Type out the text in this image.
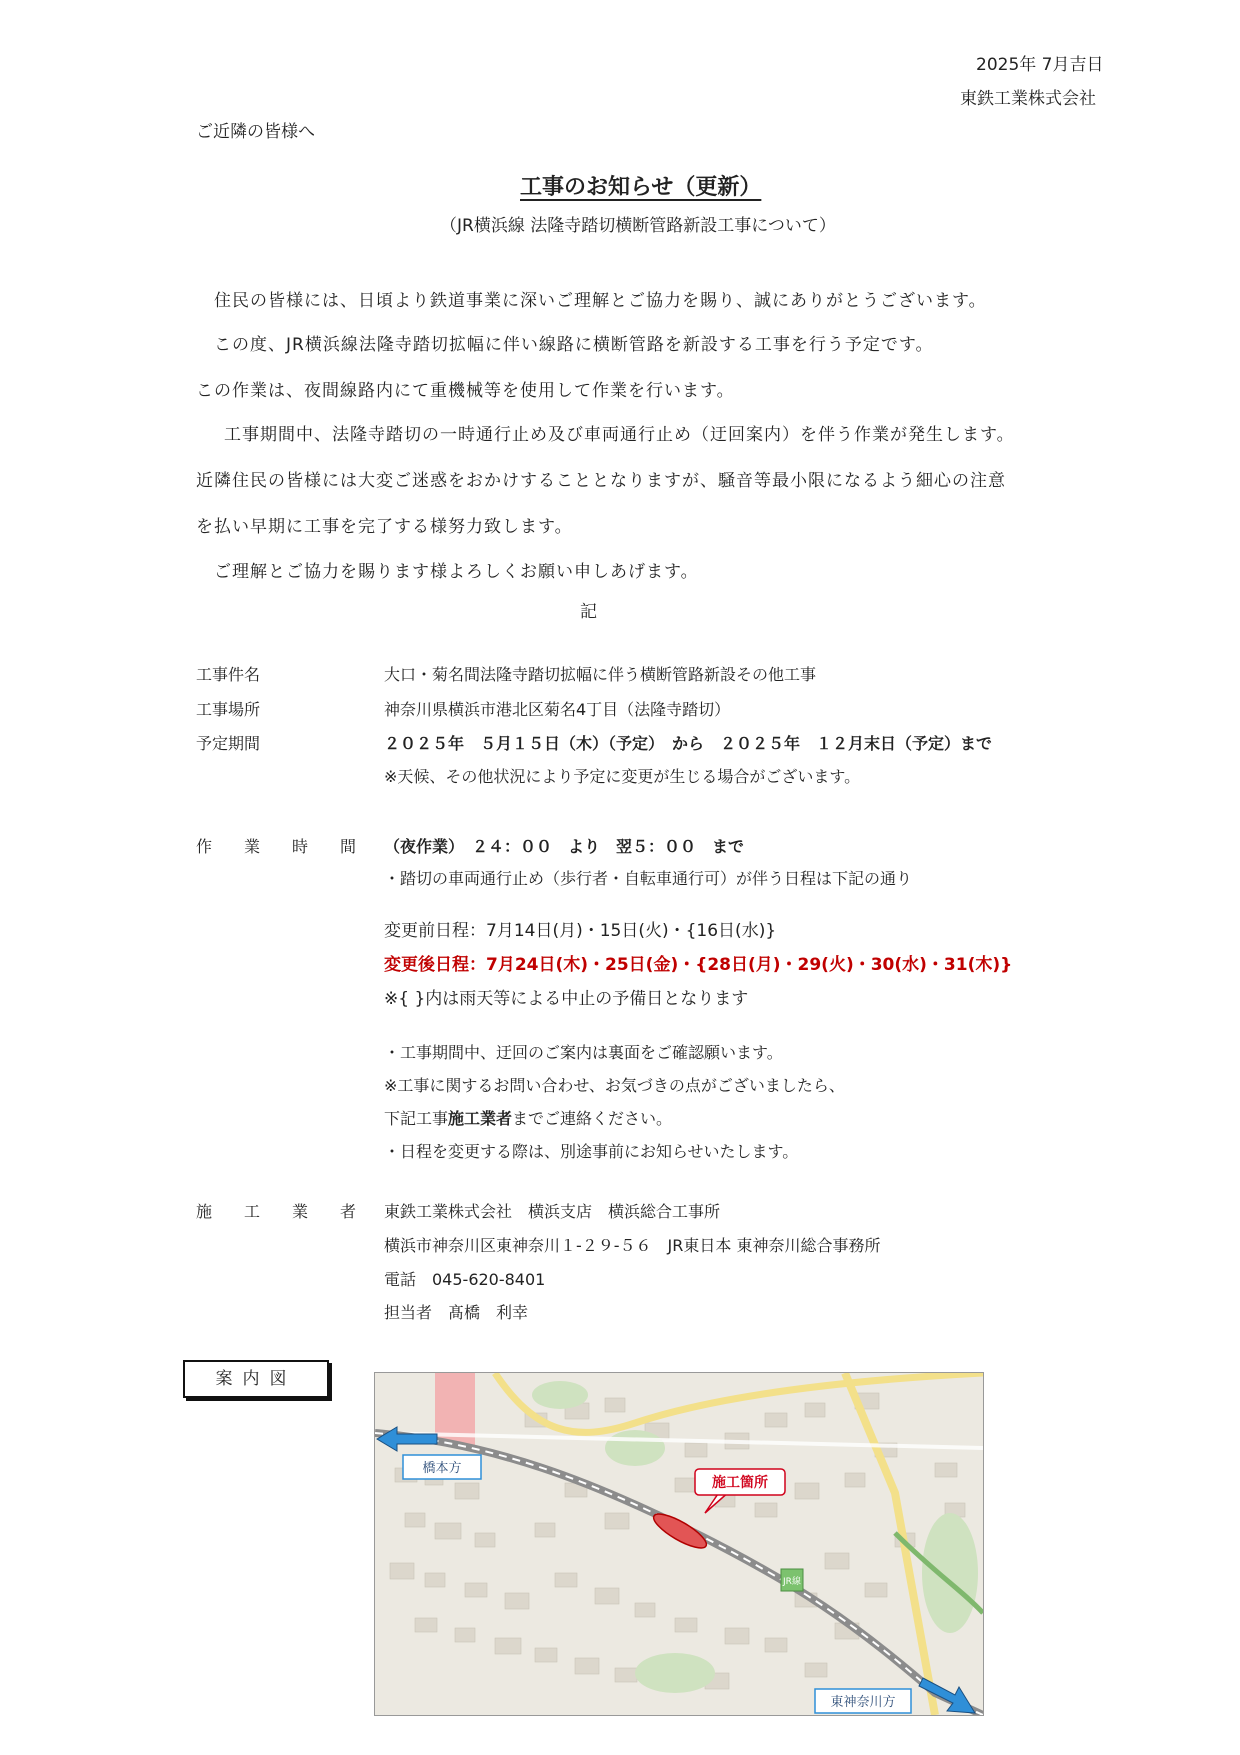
2025年 7月吉日
東鉄工業株式会社
ご近隣の皆様へ
工事のお知らせ（更新）
（JR横浜線 法隆寺踏切横断管路新設工事について）
住民の皆様には、日頃より鉄道事業に深いご理解とご協力を賜り、誠にありがとうございます。
この度、JR横浜線法隆寺踏切拡幅に伴い線路に横断管路を新設する工事を行う予定です。
この作業は、夜間線路内にて重機械等を使用して作業を行います。
工事期間中、法隆寺踏切の一時通行止め及び車両通行止め（迂回案内）を伴う作業が発生します。
近隣住民の皆様には大変ご迷惑をおかけすることとなりますが、騒音等最小限になるよう細心の注意
を払い早期に工事を完了する様努力致します。
ご理解とご協力を賜ります様よろしくお願い申しあげます。
記
工事件名	大口・菊名間法隆寺踏切拡幅に伴う横断管路新設その他工事
工事場所	神奈川県横浜市港北区菊名4丁目（法隆寺踏切）
予定期間	２０２５年　５月１５日（木）（予定）　から　２０２５年　１２月末日（予定）まで
※天候、その他状況により予定に変更が生じる場合がございます。
作　　業　　時　　間 （夜作業）　２４：００　より　翌５：００　まで
・踏切の車両通行止め（歩行者・自転車通行可）が伴う日程は下記の通り
変更前日程：7月14日(月)・15日(火)・{16日(水)}
変更後日程：7月24日(木)・25日(金)・{28日(月)・29(火)・30(水)・31(木)}
※{ }内は雨天等による中止の予備日となります
・工事期間中、迂回のご案内は裏面をご確認願います。
※工事に関するお問い合わせ、お気づきの点がございましたら、
下記工事施工業者までご連絡ください。
・日程を変更する際は、別途事前にお知らせいたします。
施　　工　　業　　者 東鉄工業株式会社　横浜支店　横浜総合工事所
横浜市神奈川区東神奈川１-２９-５６　JR東日本 東神奈川総合事務所
電話　045-620-8401
担当者　髙橋　利幸
案内図
橋本方
東神奈川方
JR線
施工箇所
